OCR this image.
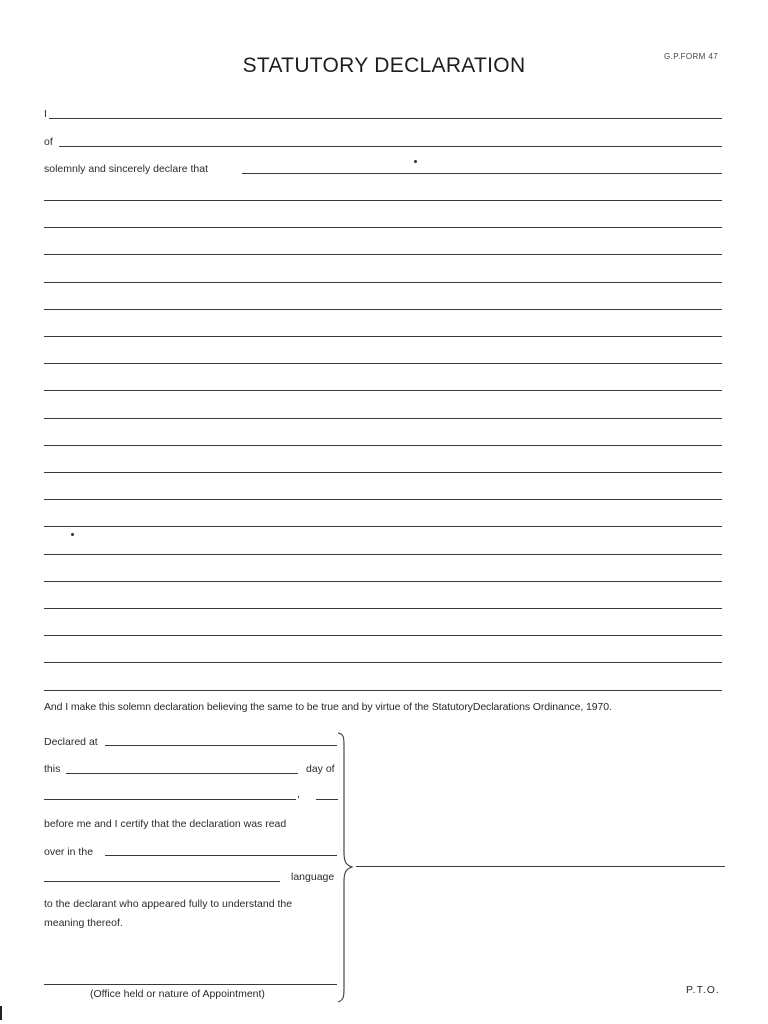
STATUTORY DECLARATION	G.P.FORM 47
I
of
solemnly and sincerely declare that
And I make this solemn declaration believing the same to be true and by virtue of the StatutoryDeclarations Ordinance, 1970.
Declared at
this	day of
,
before me and I certify that the declaration was read
over in the
language
to the declarant who appeared fully to understand the
meaning thereof.
(Office held or nature of Appointment)	P.T.O.
